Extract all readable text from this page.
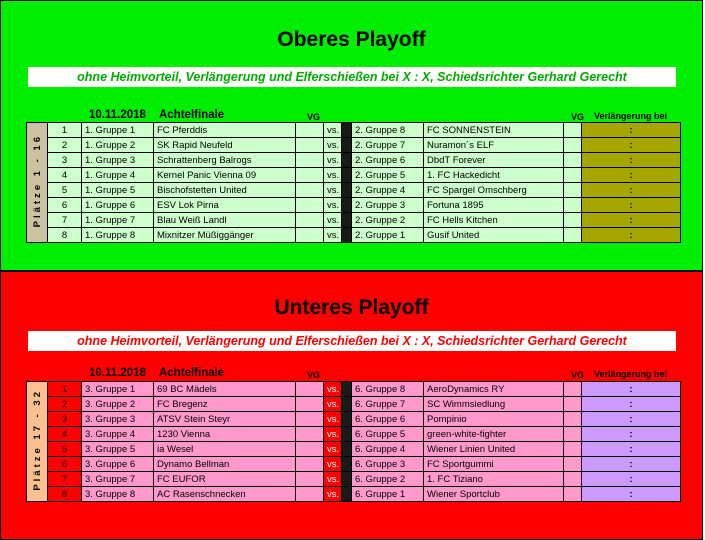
Oberes Playoff
ohne Heimvorteil, Verlängerung und Elferschießen bei X : X, Schiedsrichter Gerhard Gerecht
10.11.2018 Achtelfinale	VG	VG Verlängerung bei
Plätze 1 - 16	1	1. Gruppe 1	FC Pferddis		vs.		2. Gruppe 8	FC SONNENSTEIN		:
	2	1. Gruppe 2	SK Rapid Neufeld		vs.		2. Gruppe 7	Nuramon´s ELF		:
	3	1. Gruppe 3	Schrattenberg Balrogs		vs.		2. Gruppe 6	DbdT Forever		:
	4	1. Gruppe 4	Kernel Panic Vienna 09		vs.		2. Gruppe 5	1. FC Hackedicht		:
	5	1. Gruppe 5	Bischofstetten United		vs.		2. Gruppe 4	FC Spargel Omschberg		:
	6	1. Gruppe 6	ESV Lok Pirna		vs.		2. Gruppe 3	Fortuna 1895		:
	7	1. Gruppe 7	Blau Weiß Landl		vs.		2. Gruppe 2	FC Hells Kitchen		:
	8	1. Gruppe 8	Mixnitzer Müßiggänger		vs.		2. Gruppe 1	Gusif United		:
Unteres Playoff
ohne Heimvorteil, Verlängerung und Elferschießen bei X : X, Schiedsrichter Gerhard Gerecht
10.11.2018 Achtelfinale	VG	VG Verlängerung bei
Plätze 17 - 32	1	3. Gruppe 1	69 BC Mädels		vs.		6. Gruppe 8	AeroDynamics RY		:
	2	3. Gruppe 2	FC Bregenz		vs.		6. Gruppe 7	SC Wimmsiedlung		:
	3	3. Gruppe 3	ATSV Stein Steyr		vs.		6. Gruppe 6	Pompinio		:
	4	3. Gruppe 4	1230 Vienna		vs.		6. Gruppe 5	green-white-fighter		:
	5	3. Gruppe 5	ia Wesel		vs.		6. Gruppe 4	Wiener Linien United		:
	6	3. Gruppe 6	Dynamo Bellman		vs.		6. Gruppe 3	FC Sportgummi		:
	7	3. Gruppe 7	FC EUFOR		vs.		6. Gruppe 2	1. FC Tiziano		:
	8	3. Gruppe 8	AC Rasenschnecken		vs.		6. Gruppe 1	Wiener Sportclub		:
